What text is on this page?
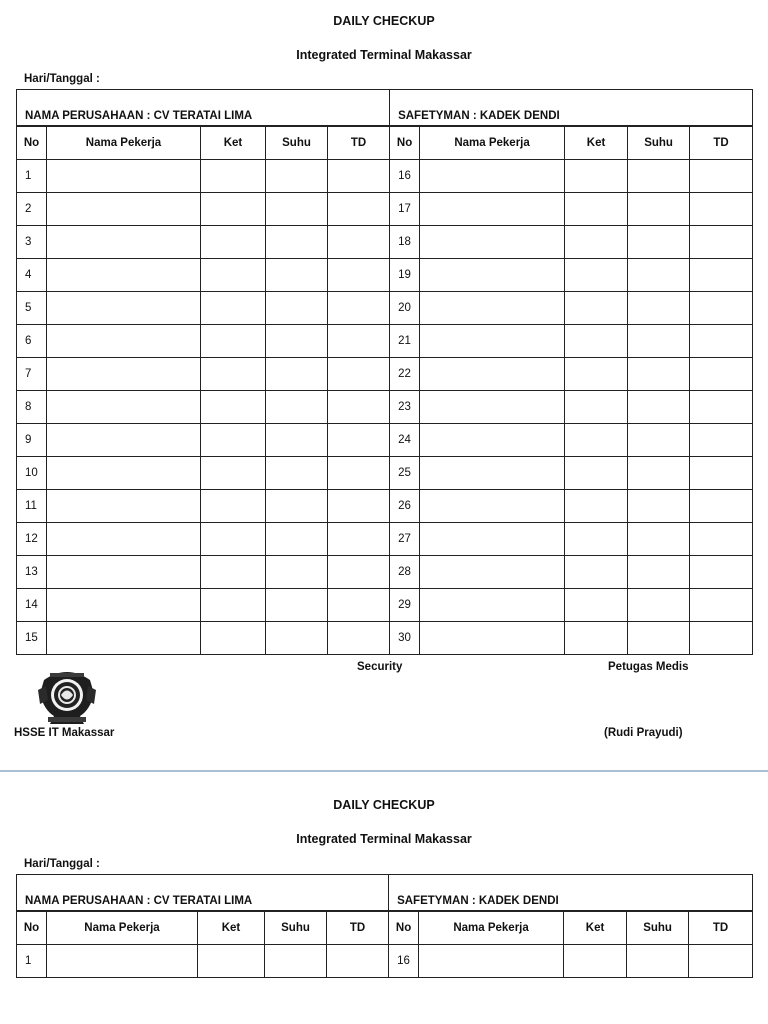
DAILY CHECKUP
Integrated Terminal Makassar
Hari/Tanggal :
NAMA PERUSAHAAN : CV TERATAI LIMA					SAFETYMAN : KADEK DENDI				
No	Nama Pekerja	Ket	Suhu	TD	No	Nama Pekerja	Ket	Suhu	TD
1					16				
2					17				
3					18				
4					19				
5					20				
6					21				
7					22				
8					23				
9					24				
10					25				
11					26				
12					27				
13					28				
14					29				
15					30				
Security	Petugas Medis
HSSE IT Makassar	(Rudi Prayudi)
DAILY CHECKUP
Integrated Terminal Makassar
Hari/Tanggal :
NAMA PERUSAHAAN : CV TERATAI LIMA					SAFETYMAN : KADEK DENDI				
No	Nama Pekerja	Ket	Suhu	TD	No	Nama Pekerja	Ket	Suhu	TD
1					16				
